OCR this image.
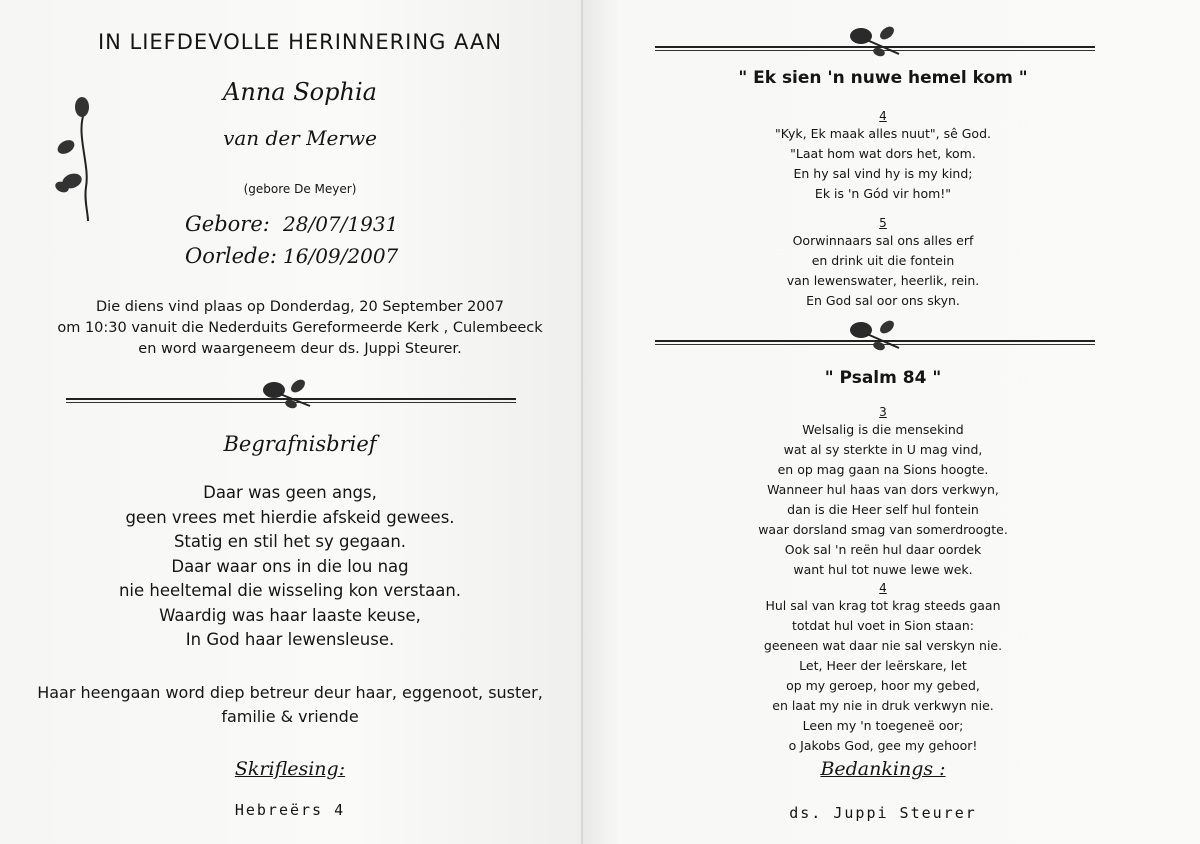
IN LIEFDEVOLLE HERINNERING AAN
Anna Sophia
van der Merwe
(gebore De Meyer)
Gebore: 28/07/1931
Oorlede: 16/09/2007
Die diens vind plaas op Donderdag, 20 September 2007
om 10:30 vanuit die Nederduits Gereformeerde Kerk , Culembeeck
en word waargeneem deur ds. Juppi Steurer.
Begrafnisbrief
Daar was geen angs,
geen vrees met hierdie afskeid gewees.
Statig en stil het sy gegaan.
Daar waar ons in die lou nag
nie heeltemal die wisseling kon verstaan.
Waardig was haar laaste keuse,
In God haar lewensleuse.
Haar heengaan word diep betreur deur haar, eggenoot, suster,
familie & vriende
Skriflesing:
Hebreërs 4
" Ek sien 'n nuwe hemel kom "
4
"Kyk, Ek maak alles nuut", sê God.
"Laat hom wat dors het, kom.
En hy sal vind hy is my kind;
Ek is 'n Gód vir hom!"
5
Oorwinnaars sal ons alles erf
en drink uit die fontein
van lewenswater, heerlik, rein.
En God sal oor ons skyn.
" Psalm 84 "
3
Welsalig is die mensekind
wat al sy sterkte in U mag vind,
en op mag gaan na Sions hoogte.
Wanneer hul haas van dors verkwyn,
dan is die Heer self hul fontein
waar dorsland smag van somerdroogte.
Ook sal 'n reën hul daar oordek
want hul tot nuwe lewe wek.
4
Hul sal van krag tot krag steeds gaan
totdat hul voet in Sion staan:
geeneen wat daar nie sal verskyn nie.
Let, Heer der leërskare, let
op my geroep, hoor my gebed,
en laat my nie in druk verkwyn nie.
Leen my 'n toegeneë oor;
o Jakobs God, gee my gehoor!
Bedankings :
ds. Juppi Steurer
